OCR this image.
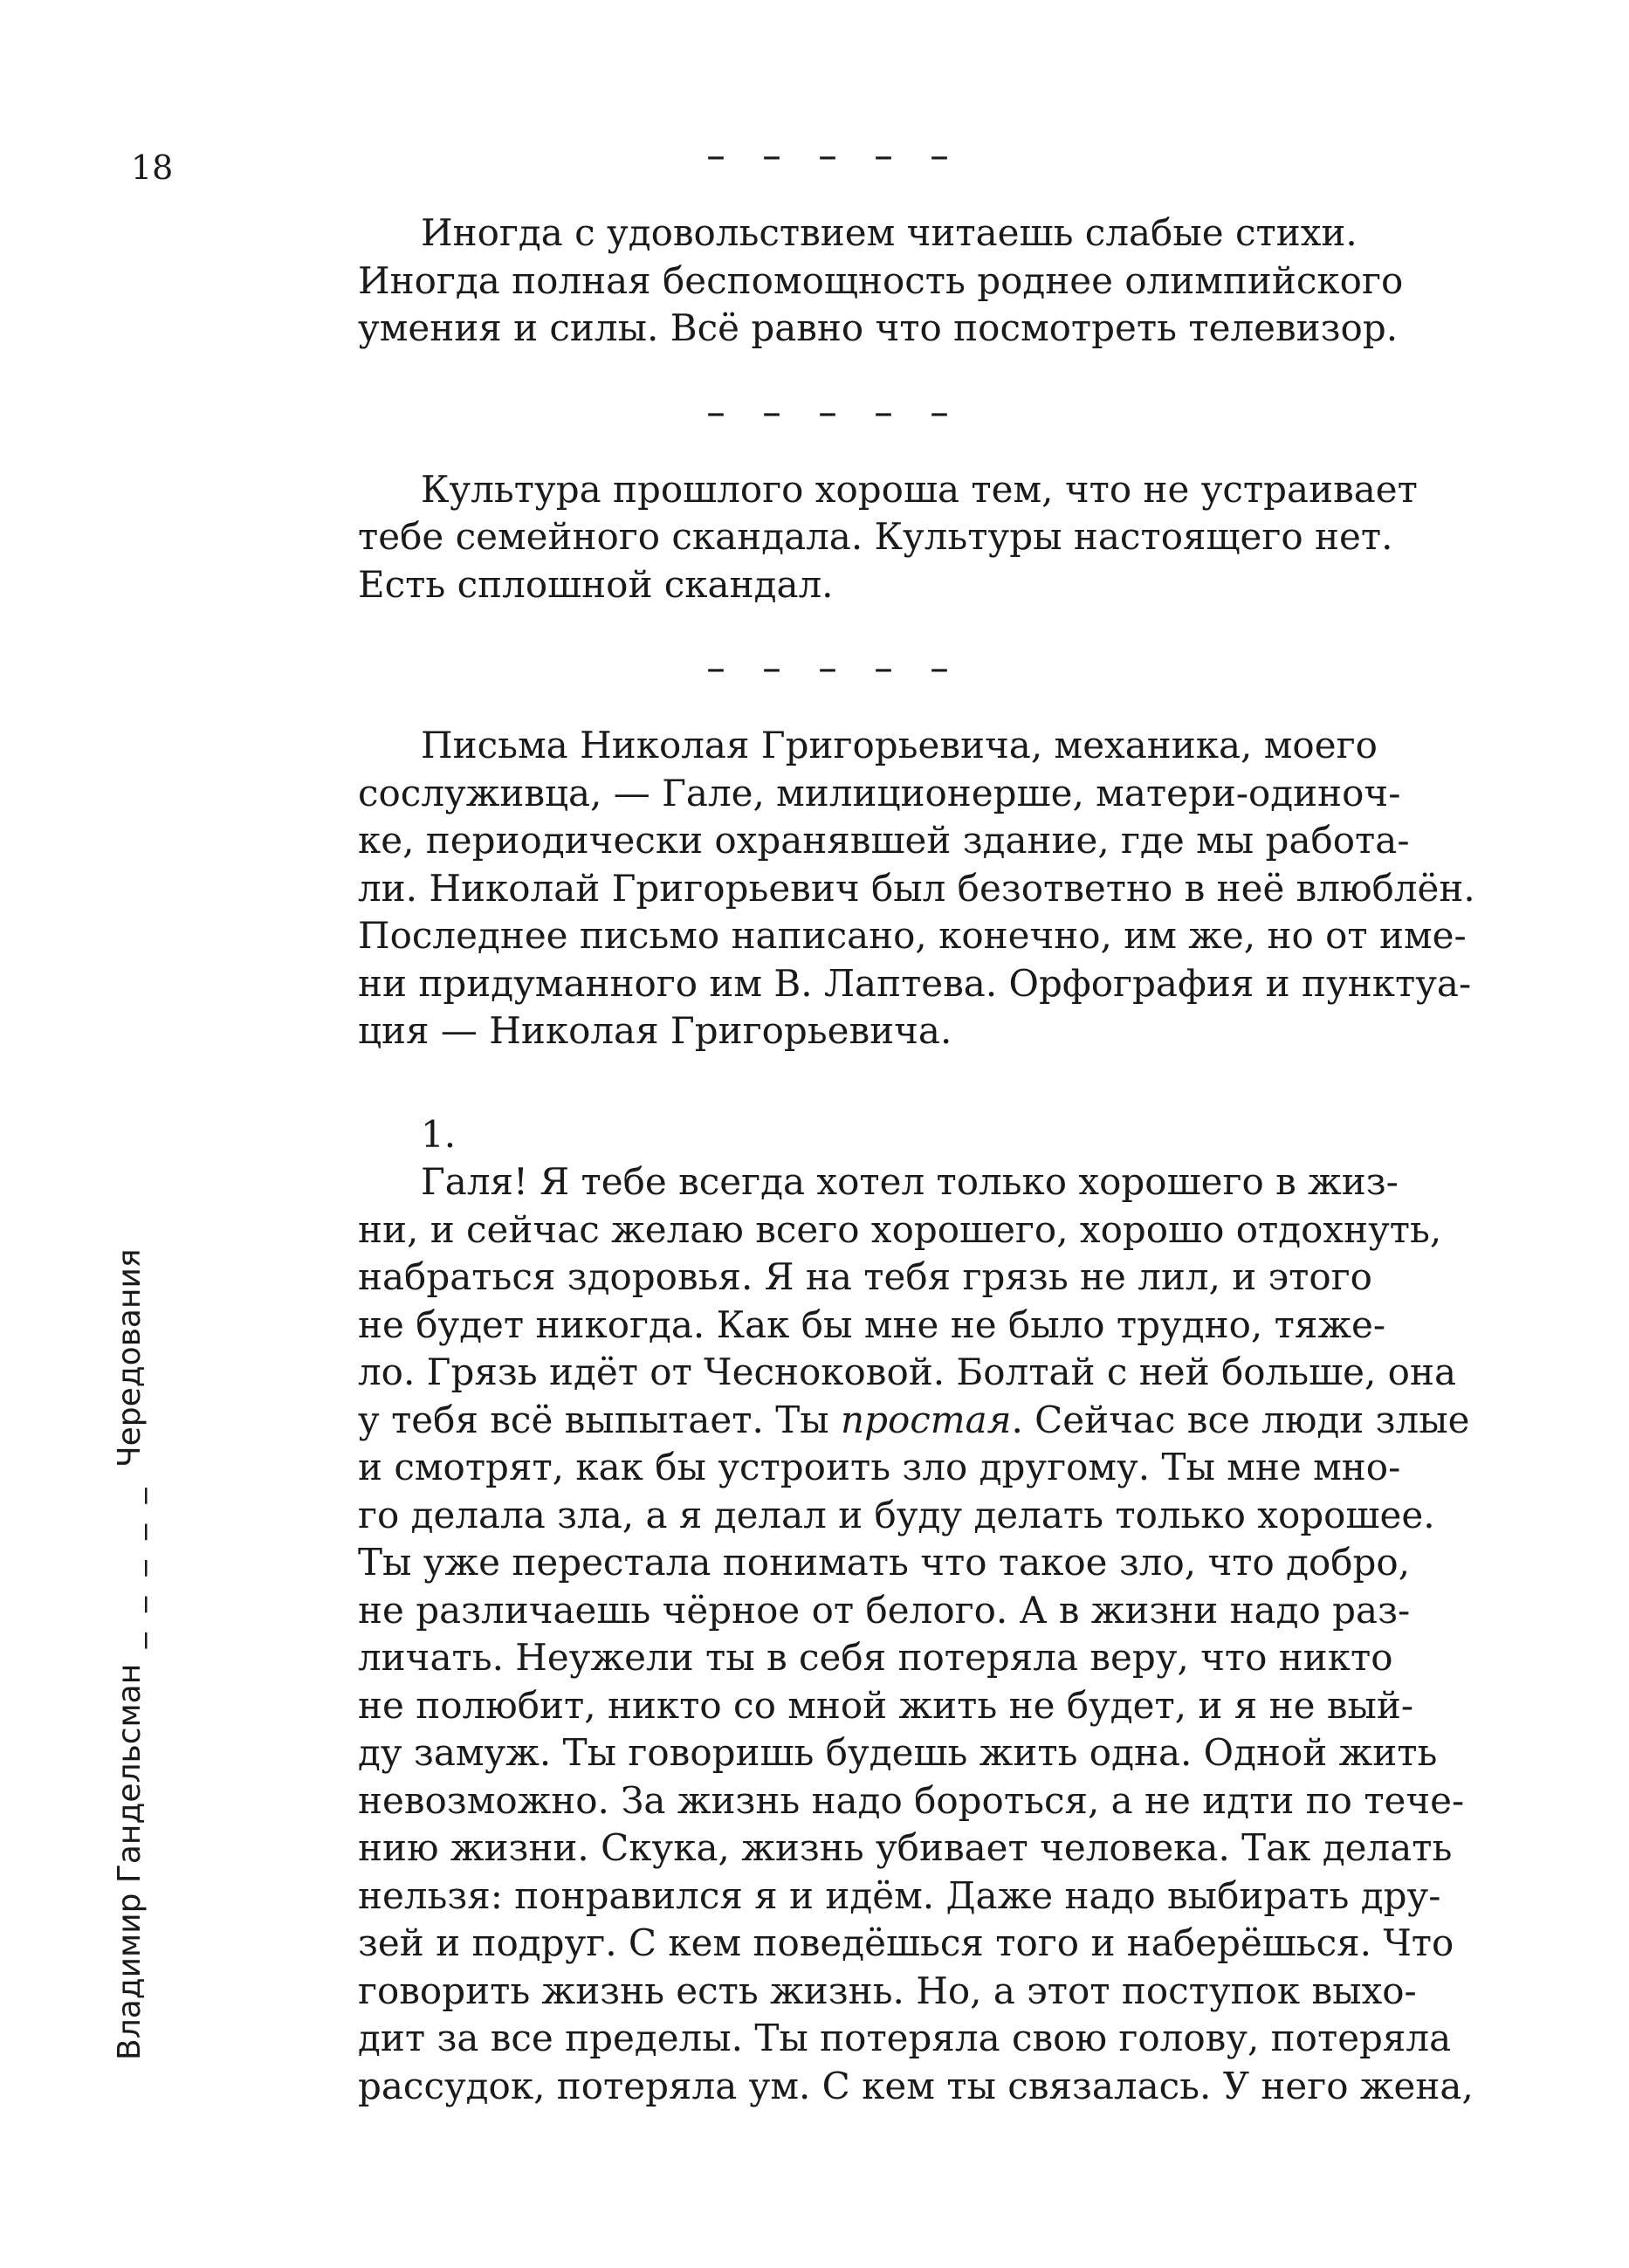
18
Владимир Гандельсман _ _ _ _ _ Чередования
– – – – –

Иногда с удовольствием читаешь слабые стихи.
Иногда полная беспомощность роднее олимпийского
умения и силы. Всё равно что посмотреть телевизор.

– – – – –

Культура прошлого хороша тем, что не устраивает
тебе семейного скандала. Культуры настоящего нет.
Есть сплошной скандал.

– – – – –

Письма Николая Григорьевича, механика, моего
сослуживца, — Гале, милиционерше, матери-одиноч-
ке, периодически охранявшей здание, где мы работа-
ли. Николай Григорьевич был безответно в неё влюблён.
Последнее письмо написано, конечно, им же, но от име-
ни придуманного им В. Лаптева. Орфография и пунктуа-
ция — Николая Григорьевича.

1.

Галя! Я тебе всегда хотел только хорошего в жиз-
ни, и сейчас желаю всего хорошего, хорошо отдохнуть,
набраться здоровья. Я на тебя грязь не лил, и этого
не будет никогда. Как бы мне не было трудно, тяже-
ло. Грязь идёт от Чесноковой. Болтай с ней больше, она
у тебя всё выпытает. Ты простая. Сейчас все люди злые
и смотрят, как бы устроить зло другому. Ты мне мно-
го делала зла, а я делал и буду делать только хорошее.
Ты уже перестала понимать что такое зло, что добро,
не различаешь чёрное от белого. А в жизни надо раз-
личать. Неужели ты в себя потеряла веру, что никто
не полюбит, никто со мной жить не будет, и я не вый-
ду замуж. Ты говоришь будешь жить одна. Одной жить
невозможно. За жизнь надо бороться, а не идти по тече-
нию жизни. Скука, жизнь убивает человека. Так делать
нельзя: понравился я и идём. Даже надо выбирать дру-
зей и подруг. С кем поведёшься того и наберёшься. Что
говорить жизнь есть жизнь. Но, а этот поступок выхо-
дит за все пределы. Ты потеряла свою голову, потеряла
рассудок, потеряла ум. С кем ты связалась. У него жена,
